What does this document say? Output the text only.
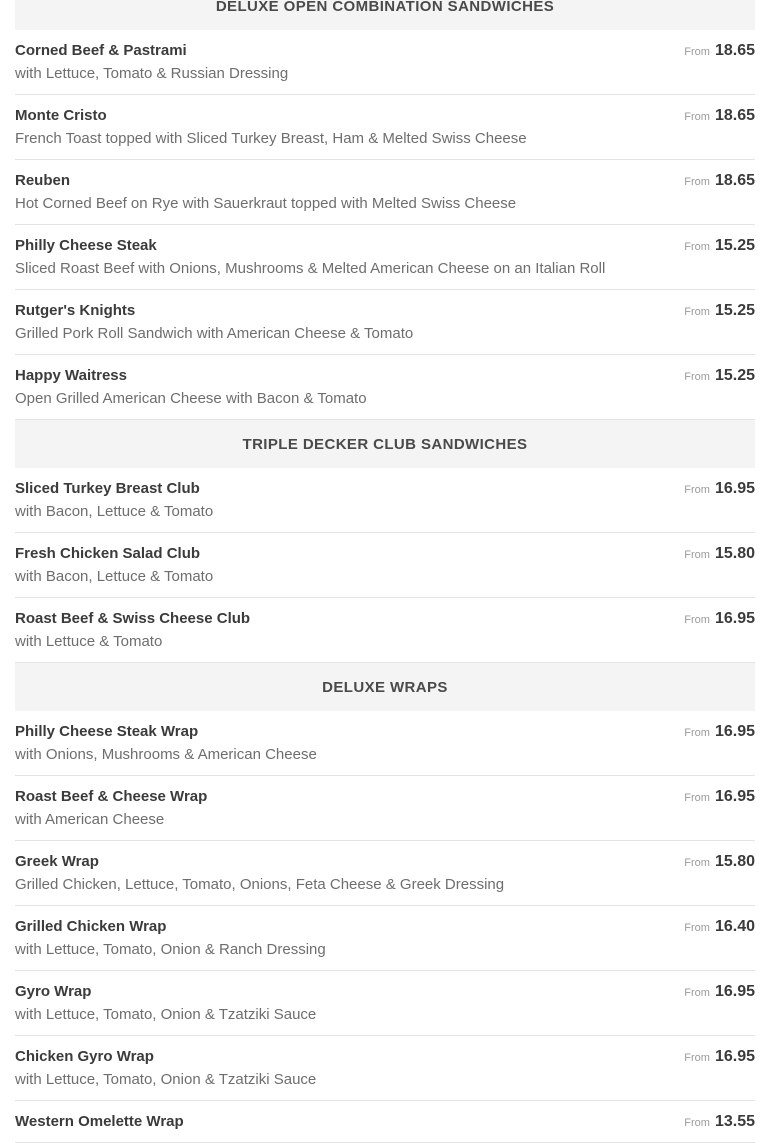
DELUXE OPEN COMBINATION SANDWICHES
Corned Beef & Pastrami
with Lettuce, Tomato & Russian Dressing
From 18.65
Monte Cristo
French Toast topped with Sliced Turkey Breast, Ham & Melted Swiss Cheese
From 18.65
Reuben
Hot Corned Beef on Rye with Sauerkraut topped with Melted Swiss Cheese
From 18.65
Philly Cheese Steak
Sliced Roast Beef with Onions, Mushrooms & Melted American Cheese on an Italian Roll
From 15.25
Rutger's Knights
Grilled Pork Roll Sandwich with American Cheese & Tomato
From 15.25
Happy Waitress
Open Grilled American Cheese with Bacon & Tomato
From 15.25
TRIPLE DECKER CLUB SANDWICHES
Sliced Turkey Breast Club
with Bacon, Lettuce & Tomato
From 16.95
Fresh Chicken Salad Club
with Bacon, Lettuce & Tomato
From 15.80
Roast Beef & Swiss Cheese Club
with Lettuce & Tomato
From 16.95
DELUXE WRAPS
Philly Cheese Steak Wrap
with Onions, Mushrooms & American Cheese
From 16.95
Roast Beef & Cheese Wrap
with American Cheese
From 16.95
Greek Wrap
Grilled Chicken, Lettuce, Tomato, Onions, Feta Cheese & Greek Dressing
From 15.80
Grilled Chicken Wrap
with Lettuce, Tomato, Onion & Ranch Dressing
From 16.40
Gyro Wrap
with Lettuce, Tomato, Onion & Tzatziki Sauce
From 16.95
Chicken Gyro Wrap
with Lettuce, Tomato, Onion & Tzatziki Sauce
From 16.95
Western Omelette Wrap	From 13.55
